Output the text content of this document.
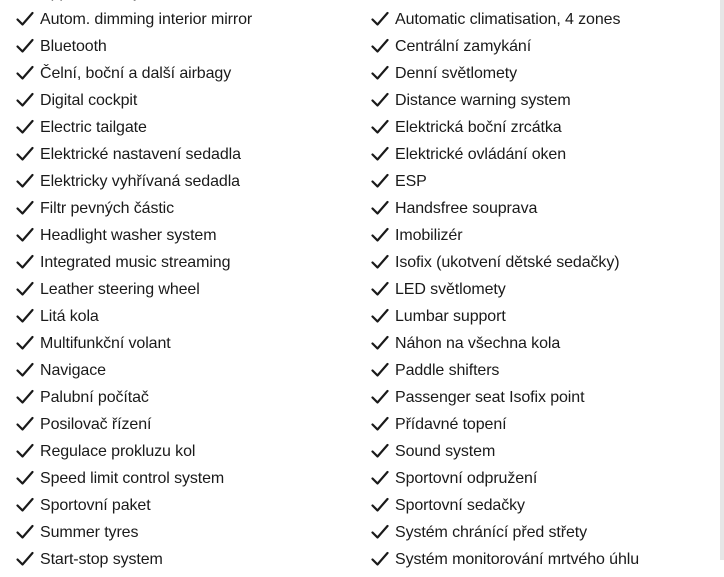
Autom. dimming interior mirror
Bluetooth
Čelní, boční a další airbagy
Digital cockpit
Electric tailgate
Elektrické nastavení sedadla
Elektricky vyhřívaná sedadla
Filtr pevných částic
Headlight washer system
Integrated music streaming
Leather steering wheel
Litá kola
Multifunkční volant
Navigace
Palubní počítač
Posilovač řízení
Regulace prokluzu kol
Speed limit control system
Sportovní paket
Summer tyres
Start-stop system
Automatic climatisation, 4 zones
Centrální zamykání
Denní světlomety
Distance warning system
Elektrická boční zrcátka
Elektrické ovládání oken
ESP
Handsfree souprava
Imobilizér
Isofix (ukotvení dětské sedačky)
LED světlomety
Lumbar support
Náhon na všechna kola
Paddle shifters
Passenger seat Isofix point
Přídavné topení
Sound system
Sportovní odpružení
Sportovní sedačky
Systém chránící před střety
Systém monitorování mrtvého úhlu
